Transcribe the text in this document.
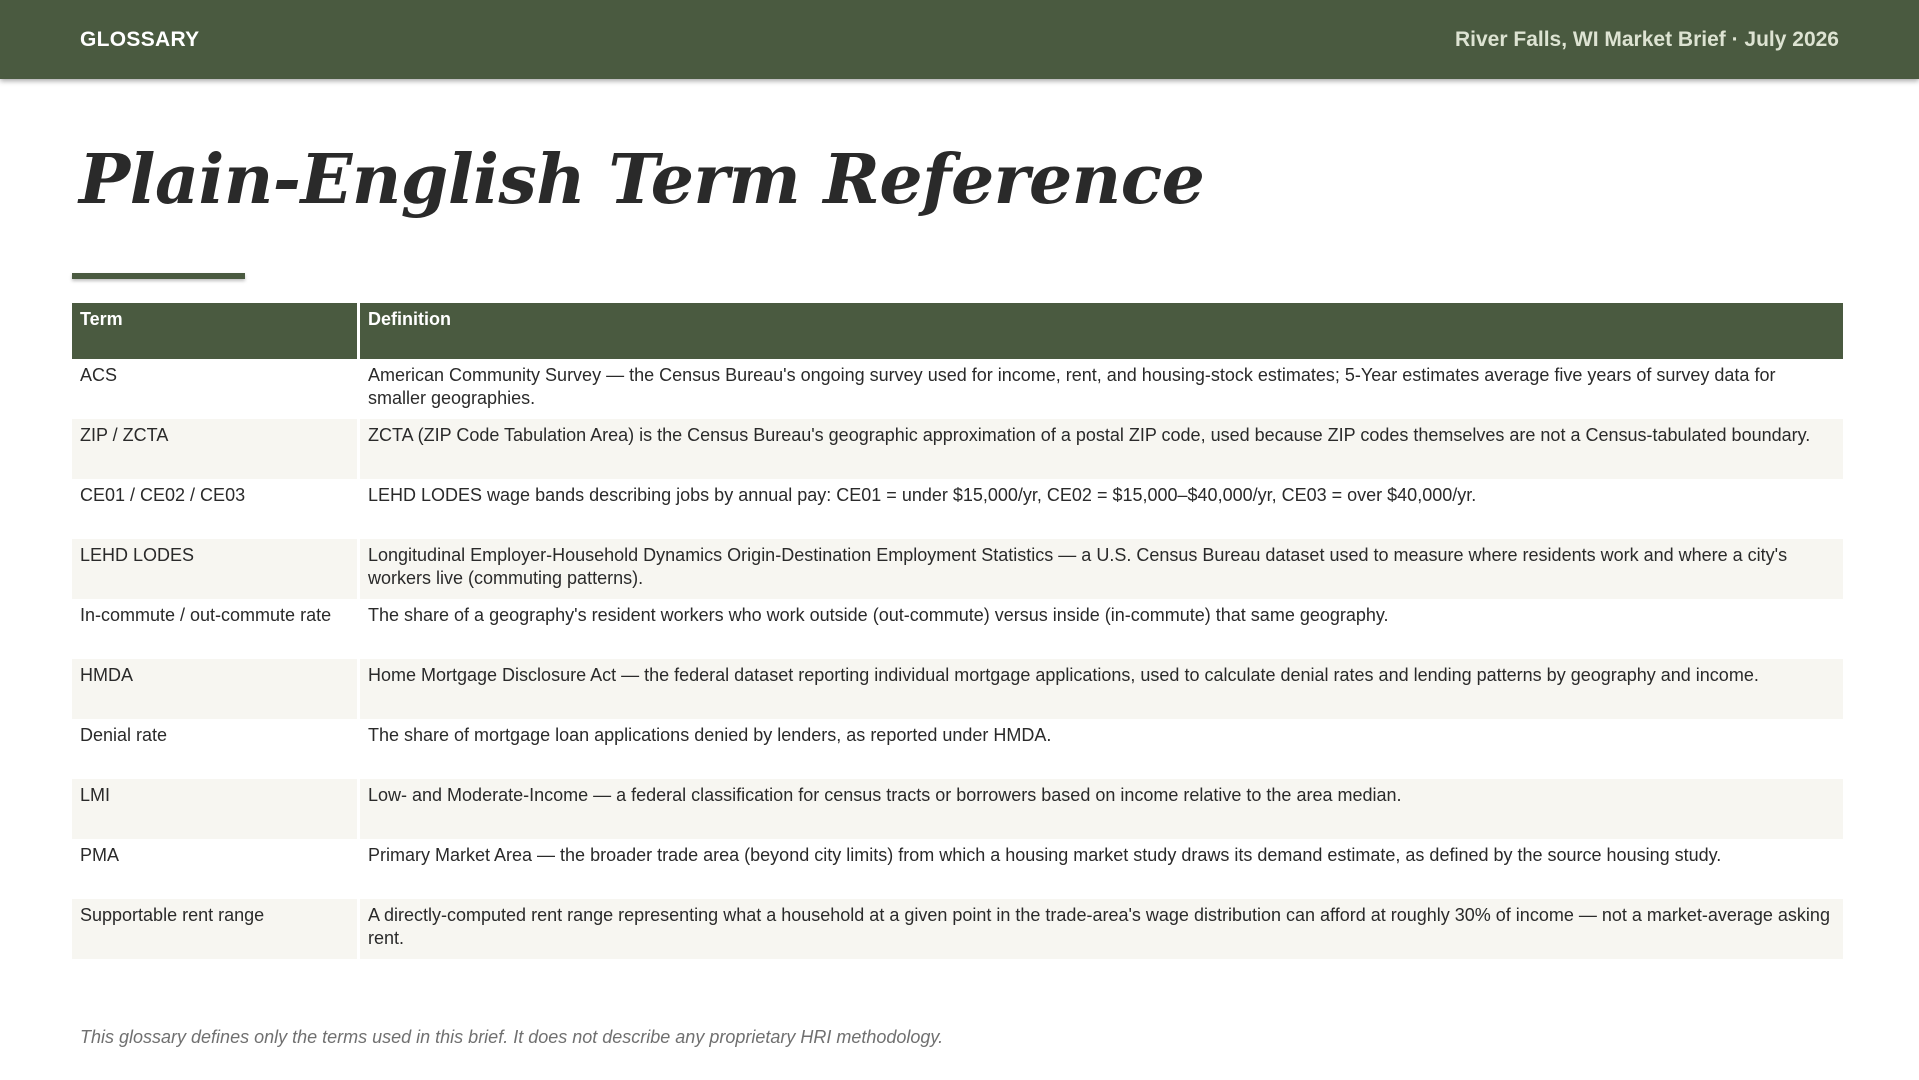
GLOSSARY	River Falls, WI Market Brief · July 2026
Plain-English Term Reference
Term	Definition
ACS	American Community Survey — the Census Bureau's ongoing survey used for income, rent, and housing-stock estimates; 5-Year estimates average five years of survey data for smaller geographies.
ZIP / ZCTA	ZCTA (ZIP Code Tabulation Area) is the Census Bureau's geographic approximation of a postal ZIP code, used because ZIP codes themselves are not a Census-tabulated boundary.
CE01 / CE02 / CE03	LEHD LODES wage bands describing jobs by annual pay: CE01 = under $15,000/yr, CE02 = $15,000–$40,000/yr, CE03 = over $40,000/yr.
LEHD LODES	Longitudinal Employer-Household Dynamics Origin-Destination Employment Statistics — a U.S. Census Bureau dataset used to measure where residents work and where a city's workers live (commuting patterns).
In-commute / out-commute rate	The share of a geography's resident workers who work outside (out-commute) versus inside (in-commute) that same geography.
HMDA	Home Mortgage Disclosure Act — the federal dataset reporting individual mortgage applications, used to calculate denial rates and lending patterns by geography and income.
Denial rate	The share of mortgage loan applications denied by lenders, as reported under HMDA.
LMI	Low- and Moderate-Income — a federal classification for census tracts or borrowers based on income relative to the area median.
PMA	Primary Market Area — the broader trade area (beyond city limits) from which a housing market study draws its demand estimate, as defined by the source housing study.
Supportable rent range	A directly-computed rent range representing what a household at a given point in the trade-area's wage distribution can afford at roughly 30% of income — not a market-average asking rent.

This glossary defines only the terms used in this brief. It does not describe any proprietary HRI methodology.
